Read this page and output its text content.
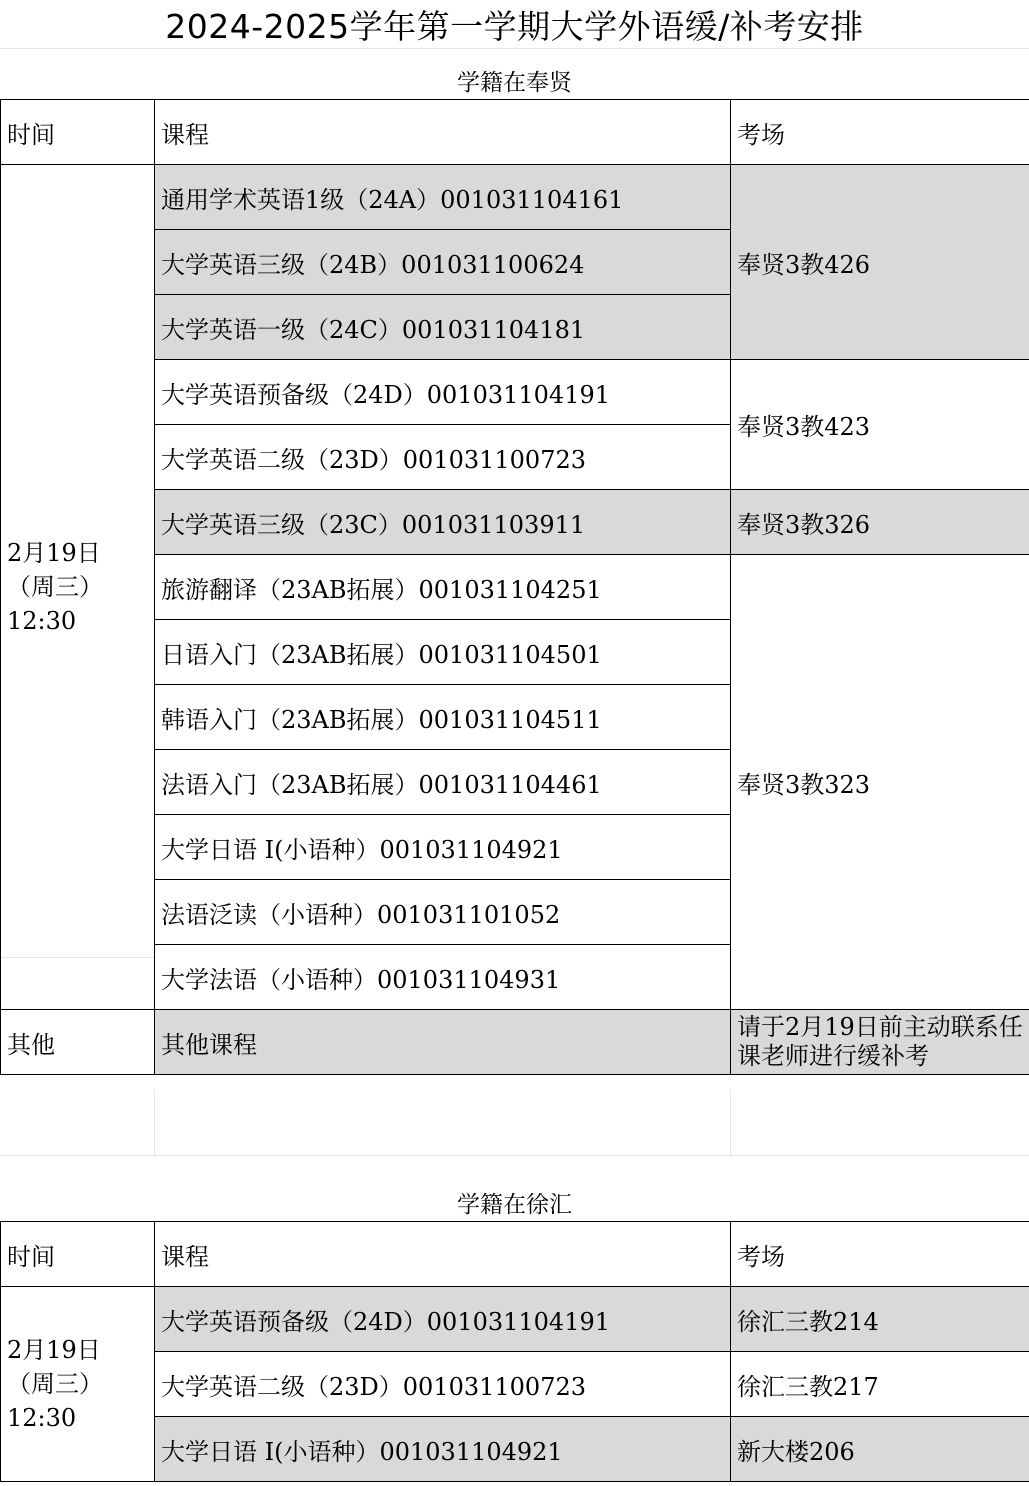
2024-2025学年第一学期大学外语缓/补考安排
学籍在奉贤
时间	课程	考场

2月19日
（周三）
12:30	通用学术英语1级（24A）001031104161	奉贤3教426
	大学英语三级（24B）001031100624	
	大学英语一级（24C）001031104181	
	大学英语预备级（24D）001031104191	奉贤3教423
	大学英语二级（23D）001031100723	
	大学英语三级（23C）001031103911	奉贤3教326
	旅游翻译（23AB拓展）001031104251	奉贤3教323
	日语入门（23AB拓展）001031104501	
	韩语入门（23AB拓展）001031104511	
	法语入门（23AB拓展）001031104461	
	大学日语 I(小语种）001031104921	
	法语泛读（小语种）001031101052	
	大学法语（小语种）001031104931	
其他	其他课程	请于2月19日前主动联系任课老师进行缓补考
学籍在徐汇
时间	课程	考场

2月19日
（周三）
12:30	大学英语预备级（24D）001031104191	徐汇三教214
	大学英语二级（23D）001031100723	徐汇三教217
	大学日语 I(小语种）001031104921	新大楼206
